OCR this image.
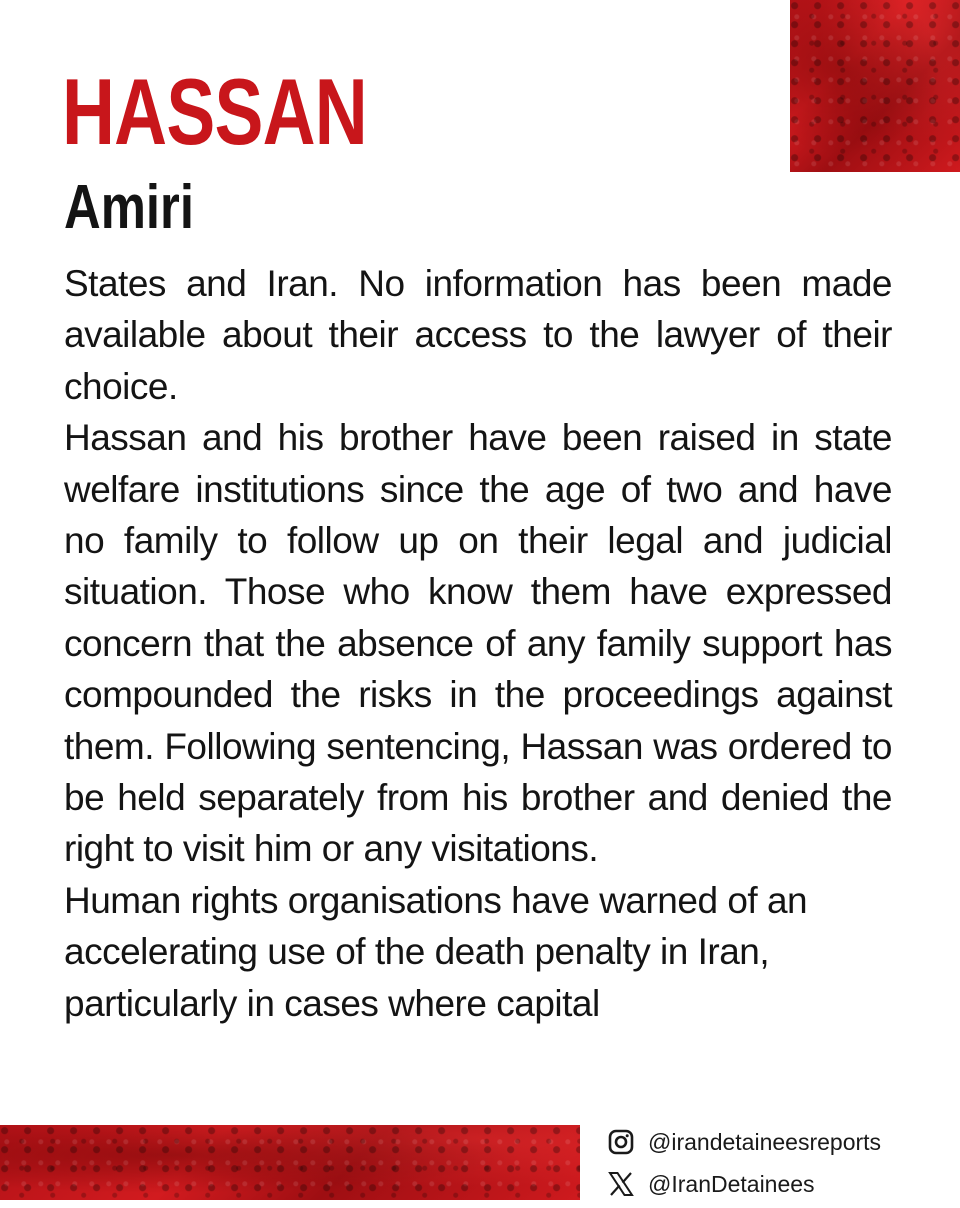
HASSAN
Amiri

States and Iran. No information has been made available about their access to the lawyer of their choice.

Hassan and his brother have been raised in state welfare institutions since the age of two and have no family to follow up on their legal and judicial situation. Those who know them have expressed concern that the absence of any family support has compounded the risks in the proceedings against them. Following sentencing, Hassan was ordered to be held separately from his brother and denied the right to visit him or any visitations.

Human rights organisations have warned of an accelerating use of the death penalty in Iran, particularly in cases where capital

@irandetaineesreports
@IranDetainees
